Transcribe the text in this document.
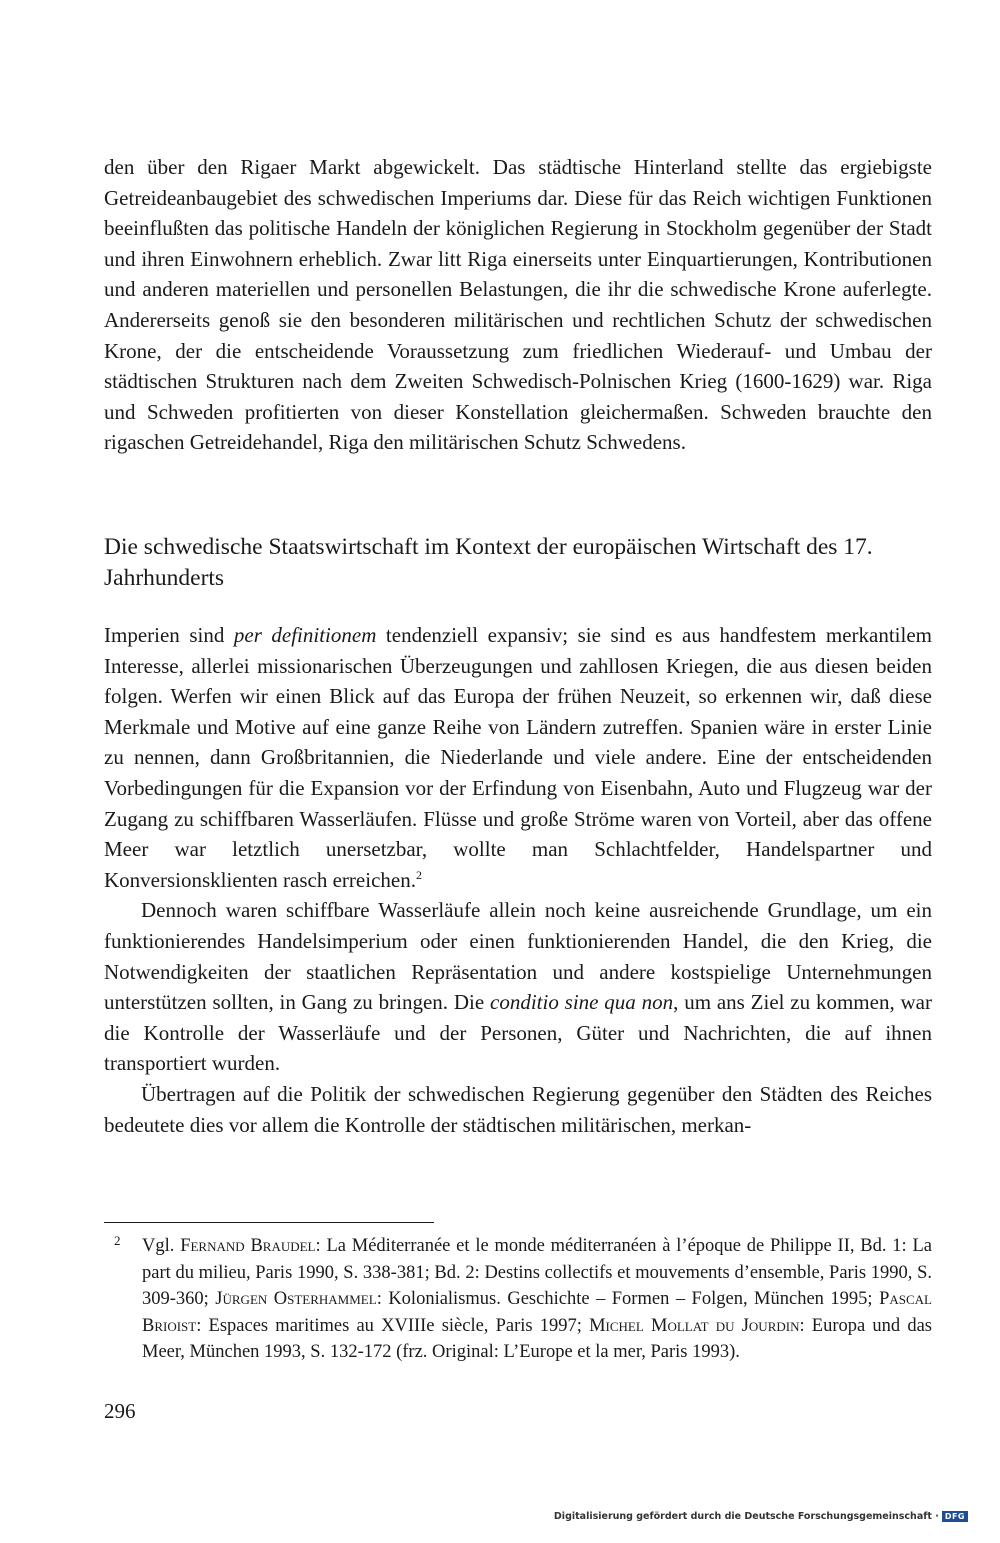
den über den Rigaer Markt abgewickelt. Das städtische Hinterland stellte das ergiebigste Getreideanbaugebiet des schwedischen Imperiums dar. Diese für das Reich wichtigen Funktionen beeinflußten das politische Handeln der königlichen Regierung in Stockholm gegenüber der Stadt und ihren Einwohnern erheblich. Zwar litt Riga einerseits unter Einquartierungen, Kontributionen und anderen materiellen und personellen Belastungen, die ihr die schwedische Krone auferlegte. Andererseits genoß sie den besonderen militärischen und rechtlichen Schutz der schwedischen Krone, der die entscheidende Voraussetzung zum friedlichen Wiederauf- und Umbau der städtischen Strukturen nach dem Zweiten Schwedisch-Polnischen Krieg (1600-1629) war. Riga und Schweden profitierten von dieser Konstellation gleichermaßen. Schweden brauchte den rigaschen Getreidehandel, Riga den militärischen Schutz Schwedens.

Die schwedische Staatswirtschaft im Kontext der europäischen Wirtschaft des 17. Jahrhunderts

Imperien sind per definitionem tendenziell expansiv; sie sind es aus handfestem merkantilem Interesse, allerlei missionarischen Überzeugungen und zahllosen Kriegen, die aus diesen beiden folgen. Werfen wir einen Blick auf das Europa der frühen Neuzeit, so erkennen wir, daß diese Merkmale und Motive auf eine ganze Reihe von Ländern zutreffen. Spanien wäre in erster Linie zu nennen, dann Großbritannien, die Niederlande und viele andere. Eine der entscheidenden Vorbedingungen für die Expansion vor der Erfindung von Eisenbahn, Auto und Flugzeug war der Zugang zu schiffbaren Wasserläufen. Flüsse und große Ströme waren von Vorteil, aber das offene Meer war letztlich unersetzbar, wollte man Schlachtfelder, Handelspartner und Konversionsklienten rasch erreichen.$^2$

Dennoch waren schiffbare Wasserläufe allein noch keine ausreichende Grundlage, um ein funktionierendes Handelsimperium oder einen funktionierenden Handel, die den Krieg, die Notwendigkeiten der staatlichen Repräsentation und andere kostspielige Unternehmungen unterstützen sollten, in Gang zu bringen. Die conditio sine qua non, um ans Ziel zu kommen, war die Kontrolle der Wasserläufe und der Personen, Güter und Nachrichten, die auf ihnen transportiert wurden.

Übertragen auf die Politik der schwedischen Regierung gegenüber den Städten des Reiches bedeutete dies vor allem die Kontrolle der städtischen militärischen, merkan-

2 Vgl. Fernand Braudel: La Méditerranée et le monde méditerranéen à l’époque de Philippe II, Bd. 1: La part du milieu, Paris 1990, S. 338-381; Bd. 2: Destins collectifs et mouvements d’ensemble, Paris 1990, S. 309-360; Jürgen Osterhammel: Kolonialismus. Geschichte – Formen – Folgen, München 1995; Pascal Brioist: Espaces maritimes au XVIIIe siècle, Paris 1997; Michel Mollat du Jourdin: Europa und das Meer, München 1993, S. 132-172 (frz. Original: L’Europe et la mer, Paris 1993).

296
Digitalisierung gefördert durch die Deutsche Forschungsgemeinschaft · DFG
